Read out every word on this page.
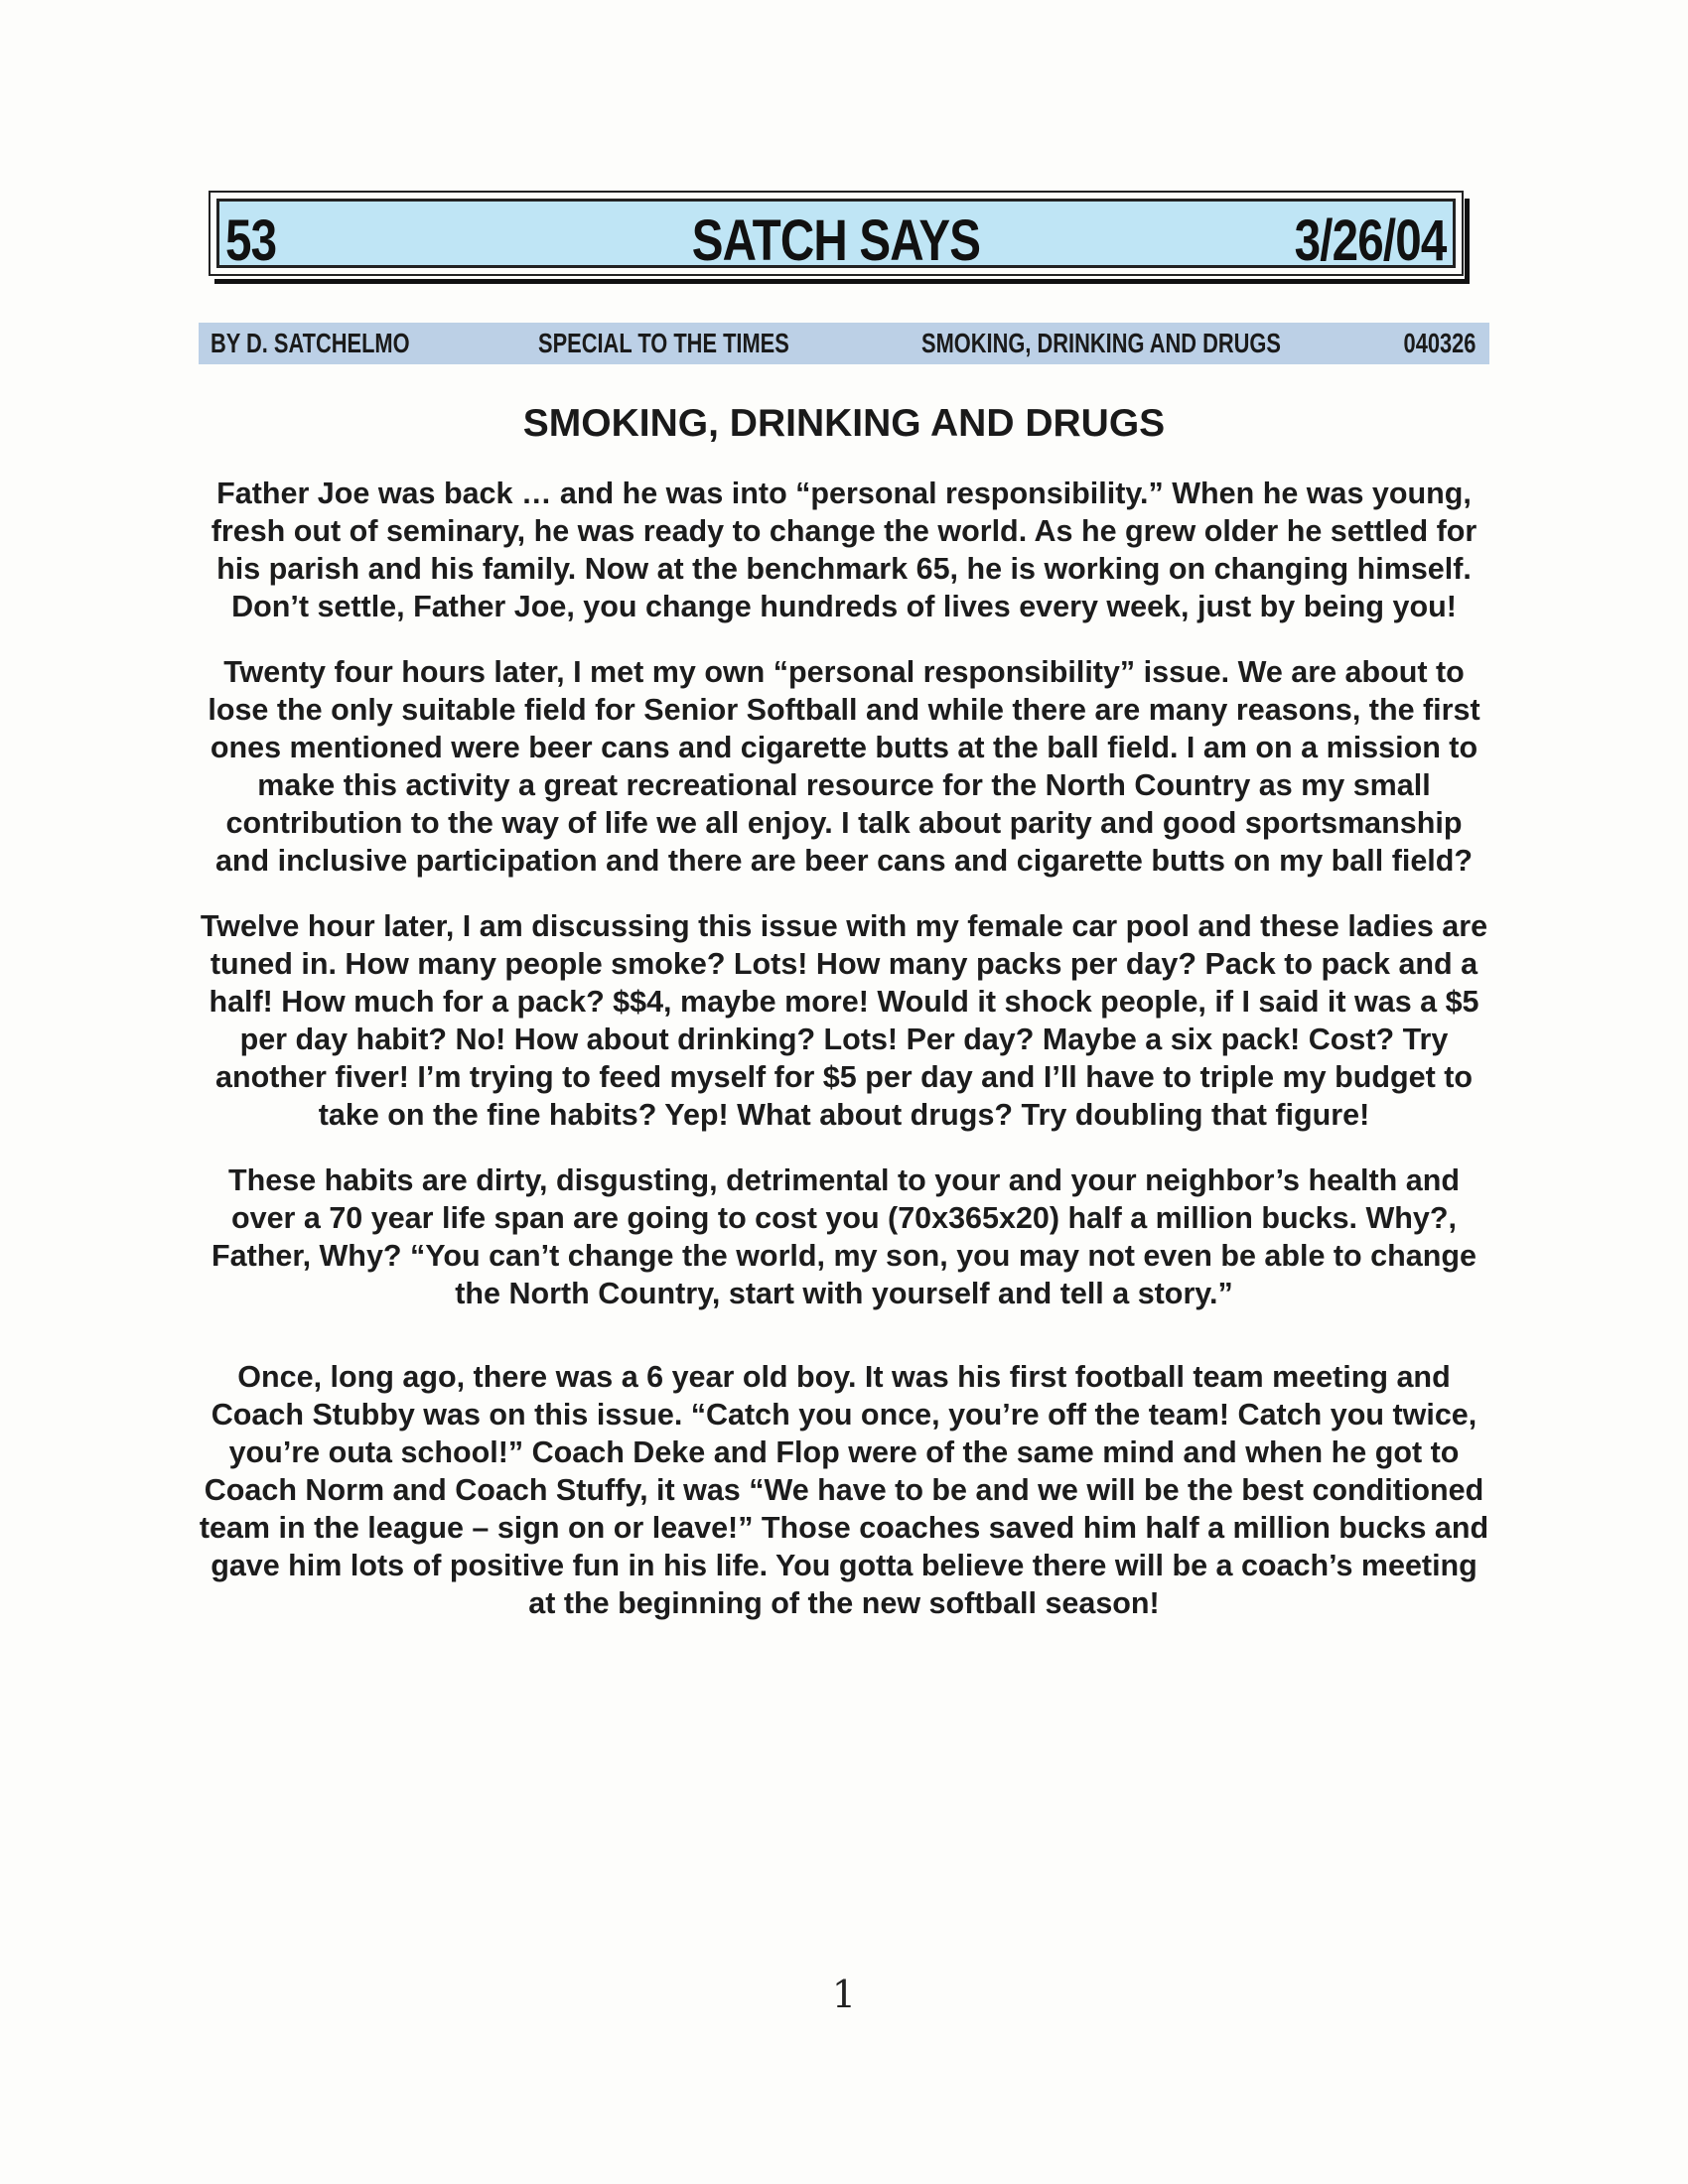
53	SATCH SAYS	3/26/04
BY D. SATCHELMO	SPECIAL TO THE TIMES	SMOKING, DRINKING AND DRUGS	040326
SMOKING, DRINKING AND DRUGS

Father Joe was back … and he was into “personal responsibility.” When he was young, fresh out of seminary, he was ready to change the world. As he grew older he settled for his parish and his family. Now at the benchmark 65, he is working on changing himself. Don’t settle, Father Joe, you change hundreds of lives every week, just by being you!

Twenty four hours later, I met my own “personal responsibility” issue. We are about to lose the only suitable field for Senior Softball and while there are many reasons, the first ones mentioned were beer cans and cigarette butts at the ball field. I am on a mission to make this activity a great recreational resource for the North Country as my small contribution to the way of life we all enjoy. I talk about parity and good sportsmanship and inclusive participation and there are beer cans and cigarette butts on my ball field?

Twelve hour later, I am discussing this issue with my female car pool and these ladies are tuned in. How many people smoke? Lots! How many packs per day? Pack to pack and a half! How much for a pack? $$4, maybe more! Would it shock people, if I said it was a $5 per day habit? No! How about drinking? Lots! Per day? Maybe a six pack! Cost? Try another fiver! I’m trying to feed myself for $5 per day and I’ll have to triple my budget to take on the fine habits? Yep! What about drugs? Try doubling that figure!

These habits are dirty, disgusting, detrimental to your and your neighbor’s health and over a 70 year life span are going to cost you (70x365x20) half a million bucks. Why?, Father, Why? “You can’t change the world, my son, you may not even be able to change the North Country, start with yourself and tell a story.”

Once, long ago, there was a 6 year old boy. It was his first football team meeting and Coach Stubby was on this issue. “Catch you once, you’re off the team! Catch you twice, you’re outa school!” Coach Deke and Flop were of the same mind and when he got to Coach Norm and Coach Stuffy, it was “We have to be and we will be the best conditioned team in the league – sign on or leave!” Those coaches saved him half a million bucks and gave him lots of positive fun in his life. You gotta believe there will be a coach’s meeting at the beginning of the new softball season!

1
